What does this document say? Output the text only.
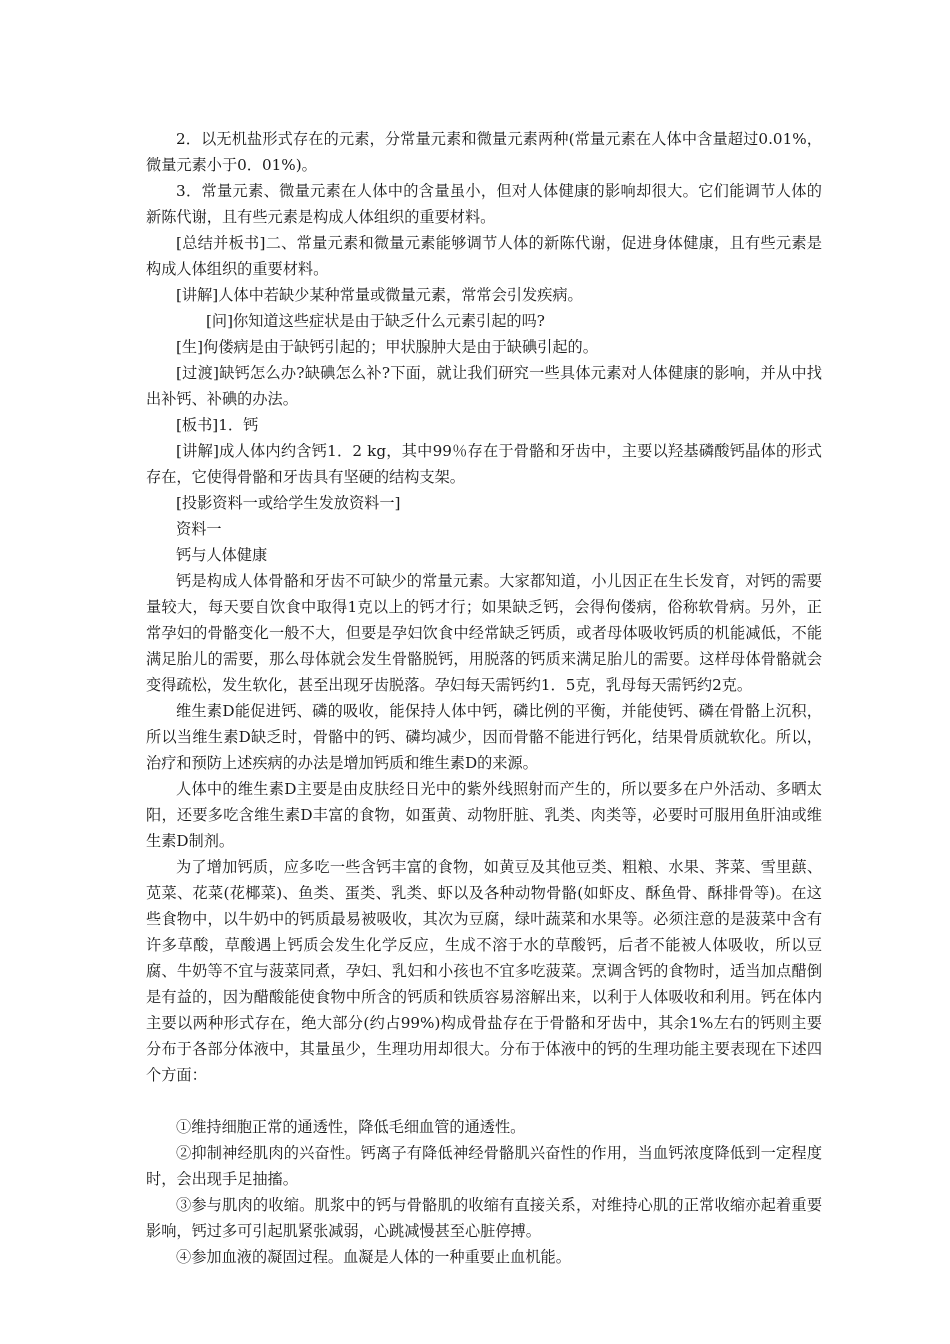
2．以无机盐形式存在的元素，分常量元素和微量元素两种(常量元素在人体中含量超过0.01%，微量元素小于0．01%)。

3．常量元素、微量元素在人体中的含量虽小，但对人体健康的影响却很大。它们能调节人体的新陈代谢，且有些元素是构成人体组织的重要材料。

[总结并板书]二、常量元素和微量元素能够调节人体的新陈代谢，促进身体健康，且有些元素是构成人体组织的重要材料。

[讲解]人体中若缺少某种常量或微量元素，常常会引发疾病。

[问]你知道这些症状是由于缺乏什么元素引起的吗?

[生]佝偻病是由于缺钙引起的；甲状腺肿大是由于缺碘引起的。

[过渡]缺钙怎么办?缺碘怎么补?下面，就让我们研究一些具体元素对人体健康的影响，并从中找出补钙、补碘的办法。

[板书]1．钙

[讲解]成人体内约含钙1．2 kg，其中99％存在于骨骼和牙齿中，主要以羟基磷酸钙晶体的形式存在，它使得骨骼和牙齿具有坚硬的结构支架。

[投影资料一或给学生发放资料一]

资料一

钙与人体健康

钙是构成人体骨骼和牙齿不可缺少的常量元素。大家都知道，小儿因正在生长发育，对钙的需要量较大，每天要自饮食中取得1克以上的钙才行；如果缺乏钙，会得佝偻病，俗称软骨病。另外，正常孕妇的骨骼变化一般不大，但要是孕妇饮食中经常缺乏钙质，或者母体吸收钙质的机能减低，不能满足胎儿的需要，那么母体就会发生骨骼脱钙，用脱落的钙质来满足胎儿的需要。这样母体骨骼就会变得疏松，发生软化，甚至出现牙齿脱落。孕妇每天需钙约1．5克，乳母每天需钙约2克。

维生素D能促进钙、磷的吸收，能保持人体中钙，磷比例的平衡，并能使钙、磷在骨骼上沉积，所以当维生素D缺乏时，骨骼中的钙、磷均减少，因而骨骼不能进行钙化，结果骨质就软化。所以，治疗和预防上述疾病的办法是增加钙质和维生素D的来源。

人体中的维生素D主要是由皮肤经日光中的紫外线照射而产生的，所以要多在户外活动、多晒太阳，还要多吃含维生素D丰富的食物，如蛋黄、动物肝脏、乳类、肉类等，必要时可服用鱼肝油或维生素D制剂。

为了增加钙质，应多吃一些含钙丰富的食物，如黄豆及其他豆类、粗粮、水果、荠菜、雪里蕻、苋菜、花菜(花椰菜)、鱼类、蛋类、乳类、虾以及各种动物骨骼(如虾皮、酥鱼骨、酥排骨等)。在这些食物中，以牛奶中的钙质最易被吸收，其次为豆腐，绿叶蔬菜和水果等。必须注意的是菠菜中含有许多草酸，草酸遇上钙质会发生化学反应，生成不溶于水的草酸钙，后者不能被人体吸收，所以豆腐、牛奶等不宜与菠菜同煮，孕妇、乳妇和小孩也不宜多吃菠菜。烹调含钙的食物时，适当加点醋倒是有益的，因为醋酸能使食物中所含的钙质和铁质容易溶解出来，以利于人体吸收和利用。钙在体内主要以两种形式存在，绝大部分(约占99%)构成骨盐存在于骨骼和牙齿中，其余1%左右的钙则主要分布于各部分体液中，其量虽少，生理功用却很大。分布于体液中的钙的生理功能主要表现在下述四个方面：

①维持细胞正常的通透性，降低毛细血管的通透性。

②抑制神经肌肉的兴奋性。钙离子有降低神经骨骼肌兴奋性的作用，当血钙浓度降低到一定程度时，会出现手足抽搐。

③参与肌肉的收缩。肌浆中的钙与骨骼肌的收缩有直接关系，对维持心肌的正常收缩亦起着重要影响，钙过多可引起肌紧张减弱，心跳减慢甚至心脏停搏。

④参加血液的凝固过程。血凝是人体的一种重要止血机能。
